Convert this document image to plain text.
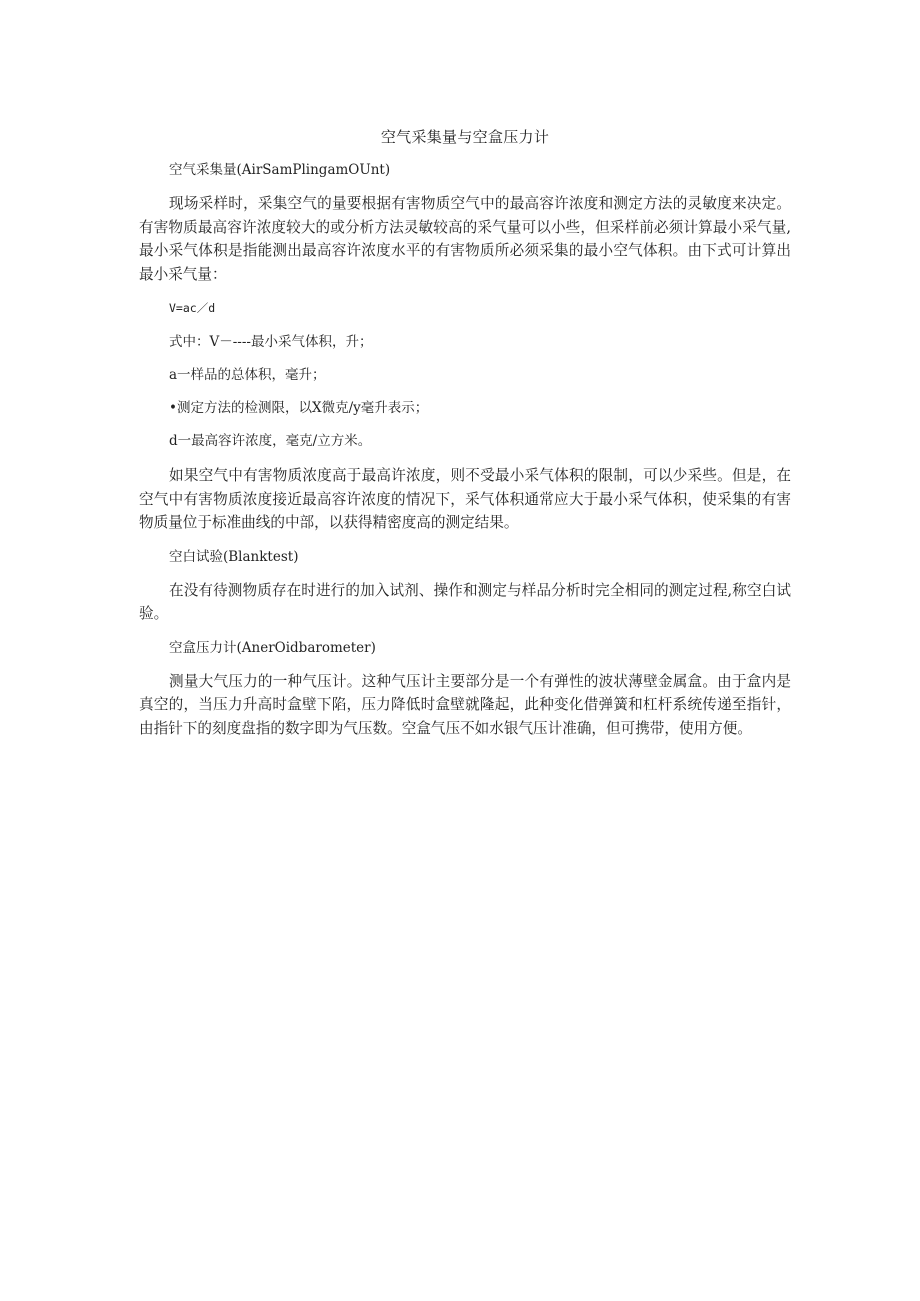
空气采集量与空盒压力计
空气采集量(AirSamPlingamOUnt)

现场采样时，采集空气的量要根据有害物质空气中的最高容许浓度和测定方法的灵敏度来决定。有害物质最高容许浓度较大的或分析方法灵敏较高的采气量可以小些，但采样前必须计算最小采气量,最小采气体积是指能测出最高容许浓度水平的有害物质所必须采集的最小空气体积。由下式可计算出最小采气量：

V=ac／d
式中：V－----最小采气体积，升；
a一样品的总体积，毫升；
•测定方法的检测限，以X微克/y毫升表示；
d一最高容许浓度，毫克/立方米。

如果空气中有害物质浓度高于最高许浓度，则不受最小采气体积的限制，可以少采些。但是，在空气中有害物质浓度接近最高容许浓度的情况下，采气体积通常应大于最小采气体积，使采集的有害物质量位于标准曲线的中部，以获得精密度高的测定结果。

空白试验(Blanktest)

在没有待测物质存在时进行的加入试剂、操作和测定与样品分析时完全相同的测定过程,称空白试验。

空盒压力计(AnerOidbarometer)

测量大气压力的一种气压计。这种气压计主要部分是一个有弹性的波状薄壁金属盒。由于盒内是真空的，当压力升高时盒壁下陷，压力降低时盒壁就隆起，此种变化借弹簧和杠杆系统传递至指针，由指针下的刻度盘指的数字即为气压数。空盒气压不如水银气压计准确，但可携带，使用方便。
